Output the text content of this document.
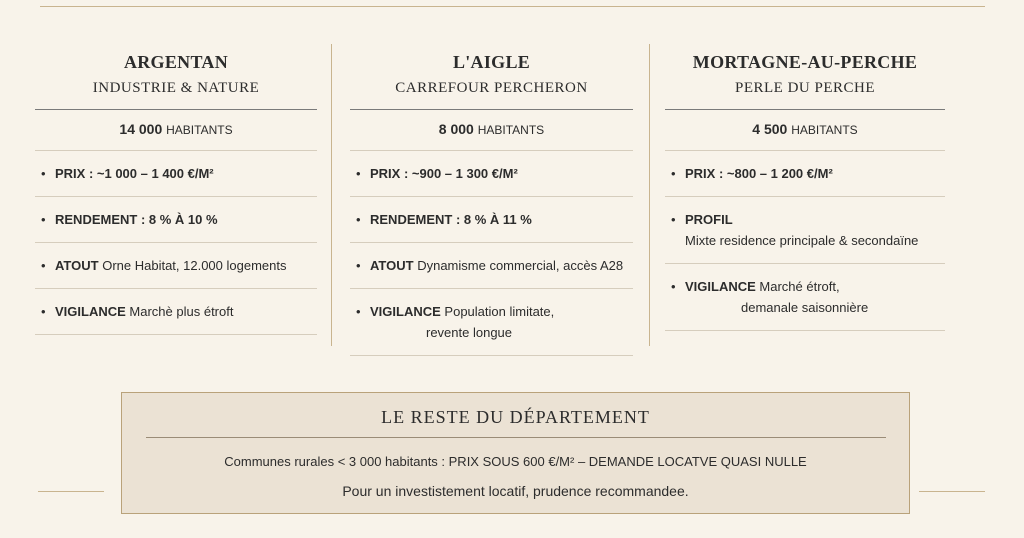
ARGENTAN
INDUSTRIE & NATURE
14 000 HABITANTS
• PRIX : ~1 000 – 1 400 €/M²
• RENDEMENT : 8 % À 10 %
• ATOUT Orne Habitat, 12.000 logements
• VIGILANCE Marchè plus étroft
L'AIGLE
CARREFOUR PERCHERON
8 000 HABITANTS
• PRIX : ~900 – 1 300 €/M²
• RENDEMENT : 8 % À 11 %
• ATOUT Dynamisme commercial, accès A28
• VIGILANCE Population limitate,
revente longue
MORTAGNE-AU-PERCHE
PERLE DU PERCHE
4 500 HABITANTS
• PRIX : ~800 – 1 200 €/M²
• PROFIL
Mixte residence principale & secondaїne
• VIGILANCE Marché étroft,
demanale saisonnière
LE RESTE DU DÉPARTEMENT
Communes rurales < 3 000 habitants : PRIX SOUS 600 €/M² – DEMANDE LOCATVE QUASI NULLE
Pour un investistement locatif, prudence recommandee.
